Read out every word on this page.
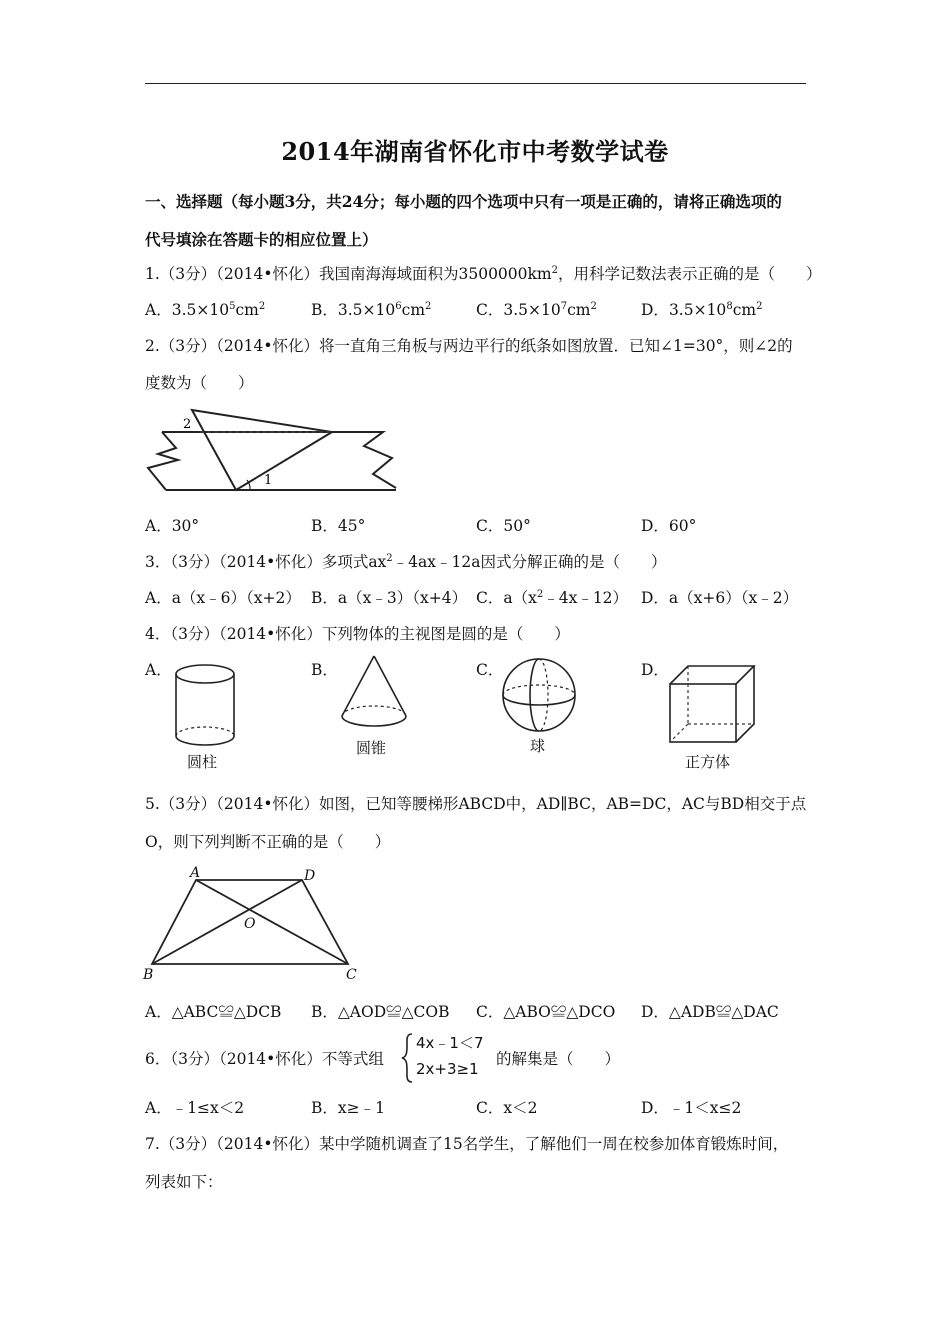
2014年湖南省怀化市中考数学试卷
一、选择题（每小题3分，共24分；每小题的四个选项中只有一项是正确的，请将正确选项的
代号填涂在答题卡的相应位置上）
1.（3分）（2014•怀化）我国南海海域面积为$3500000km^2$，用科学记数法表示正确的是（　　）
A．$3.5\times 10^5cm^2$	B．$3.5\times 10^6cm^2$	C．$3.5\times 10^7cm^2$	D．$3.5\times 10^8cm^2$
2.（3分）（2014•怀化）将一直角三角板与两边平行的纸条如图放置．已知∠1=30°，则∠2的
度数为（　　）
2
1
A．30°	B．45°	C．50°	D．60°
3．（3分）（2014•怀化）多项式$ax^2﹣4ax﹣12a$因式分解正确的是（　　）
A．a（x﹣6）（x+2） B．a（x﹣3）（x+4） C．$a(x^2﹣4x﹣12)$ D．a（x+6）（x﹣2）
4．（3分）（2014•怀化）下列物体的主视图是圆的是（　　）
A．	B．	C．	D．
圆柱
圆锥	球
正方体
5.（3分）（2014•怀化）如图，已知等腰梯形ABCD中，AD∥BC，AB=DC，AC与BD相交于点
O，则下列判断不正确的是（　　）
A	D
O
B	C
A．△ABC≌△DCB B．△AOD≌△COB C．△ABO≌△DCO D．△ADB≌△DAC
6．（3分）（2014•怀化）不等式组
4x﹣1＜7
2x+3≥1
的解集是（　　）
A．﹣1≤x＜2	B．x≥﹣1	C．x＜2	D．﹣1＜x≤2
7.（3分）（2014•怀化）某中学随机调查了15名学生，了解他们一周在校参加体育锻炼时间，
列表如下：
